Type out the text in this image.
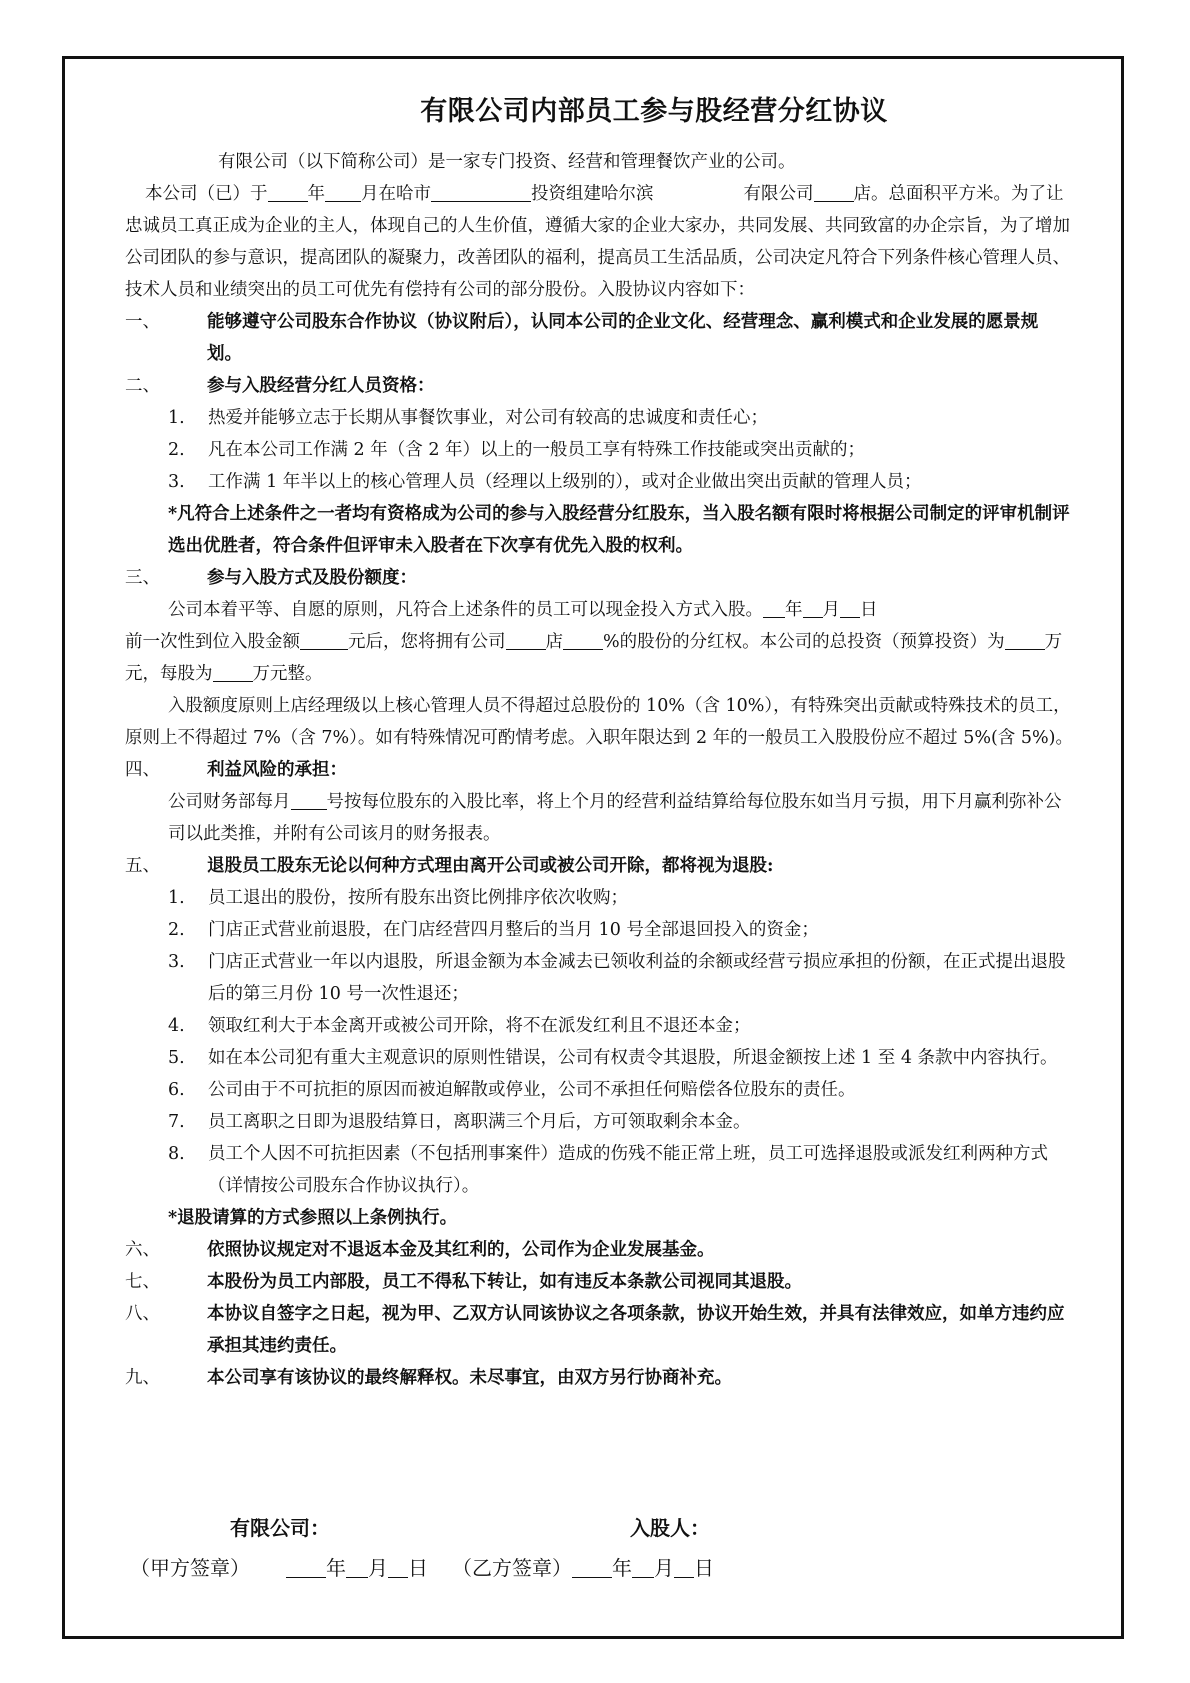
有限公司内部员工参与股经营分红协议

有限公司（以下简称公司）是一家专门投资、经营和管理餐饮产业的公司。

本公司（已）于 年 月在哈市	投资组建哈尔滨	有限公司 店。总面积平方米。为了让忠诚员工真正成为企业的主人，体现自己的人生价值，遵循大家的企业大家办，共同发展、共同致富的办企宗旨，为了增加公司团队的参与意识，提高团队的凝聚力，改善团队的福利，提高员工生活品质，公司决定凡符合下列条件核心管理人员、技术人员和业绩突出的员工可优先有偿持有公司的部分股份。入股协议内容如下：

一、	能够遵守公司股东合作协议（协议附后），认同本公司的企业文化、经营理念、赢利模式和企业发展的愿景规划。
二、	参与入股经营分红人员资格：
1.	热爱并能够立志于长期从事餐饮事业，对公司有较高的忠诚度和责任心；
2.	凡在本公司工作满 2 年（含 2 年）以上的一般员工享有特殊工作技能或突出贡献的；
3.	工作满 1 年半以上的核心管理人员（经理以上级别的），或对企业做出突出贡献的管理人员；
*凡符合上述条件之一者均有资格成为公司的参与入股经营分红股东，当入股名额有限时将根据公司制定的评审机制评选出优胜者，符合条件但评审未入股者在下次享有优先入股的权利。
三、	参与入股方式及股份额度：
公司本着平等、自愿的原则，凡符合上述条件的员工可以现金投入方式入股。 年 月 日

前一次性到位入股金额	元后，您将拥有公司 店 %的股份的分红权。本公司的总投资（预算投资）为 万元，每股为 万元整。

入股额度原则上店经理级以上核心管理人员不得超过总股份的 10%（含 10%），有特殊突出贡献或特殊技术的员工，原则上不得超过 7%（含 7%）。如有特殊情况可酌情考虑。入职年限达到 2 年的一般员工入股股份应不超过 5%(含 5%)。

四、	利益风险的承担：
公司财务部每月 号按每位股东的入股比率，将上个月的经营利益结算给每位股东如当月亏损，用下月赢利弥补公司以此类推，并附有公司该月的财务报表。
五、	退股员工股东无论以何种方式理由离开公司或被公司开除，都将视为退股:
1.	员工退出的股份，按所有股东出资比例排序依次收购；
2.	门店正式营业前退股，在门店经营四月整后的当月 10 号全部退回投入的资金；
3.	门店正式营业一年以内退股，所退金额为本金减去已领收利益的余额或经营亏损应承担的份额，在正式提出退股后的第三月份 10 号一次性退还；
4.	领取红利大于本金离开或被公司开除，将不在派发红利且不退还本金；
5.	如在本公司犯有重大主观意识的原则性错误，公司有权责令其退股，所退金额按上述 1 至 4 条款中内容执行。
6.	公司由于不可抗拒的原因而被迫解散或停业，公司不承担任何赔偿各位股东的责任。
7.	员工离职之日即为退股结算日，离职满三个月后，方可领取剩余本金。
8.	员工个人因不可抗拒因素（不包括刑事案件）造成的伤残不能正常上班，员工可选择退股或派发红利两种方式（详情按公司股东合作协议执行）。
*退股请算的方式参照以上条例执行。
六、	依照协议规定对不退返本金及其红利的，公司作为企业发展基金。
七、	本股份为员工内部股，员工不得私下转让，如有违反本条款公司视同其退股。
八、	本协议自签字之日起，视为甲、乙双方认同该协议之各项条款，协议开始生效，并具有法律效应，如单方违约应承担其违约责任。
九、	本公司享有该协议的最终解释权。未尽事宜，由双方另行协商补充。
有限公司：	入股人：
（甲方签章）	年 月 日 （乙方签章） 年 月 日
